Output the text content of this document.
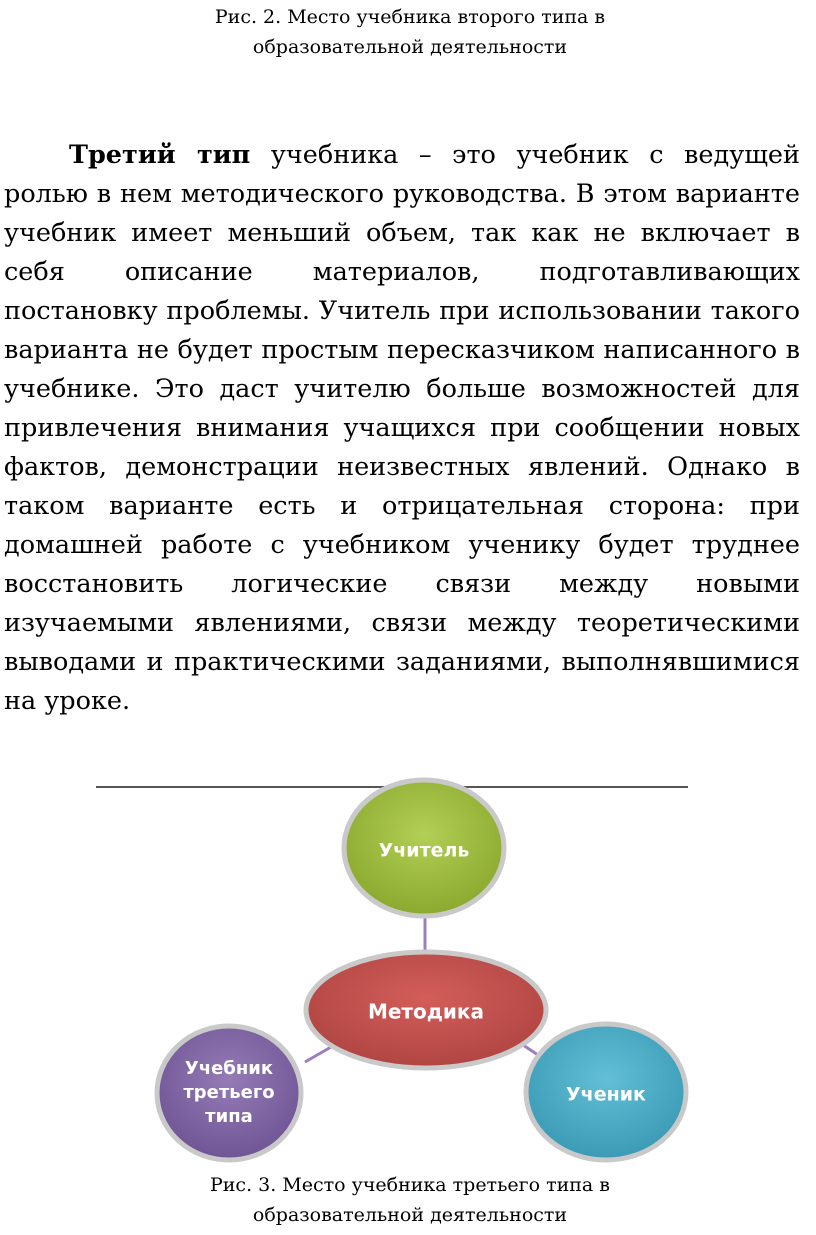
Рис. 2. Место учебника второго типа в
образовательной деятельности

Третий тип учебника – это учебник с ведущей ролью в нем методического руководства. В этом варианте учебник имеет меньший объем, так как не включает в себя описание материалов, подготавливающих постановку проблемы. Учитель при использовании такого варианта не будет простым пересказчиком написанного в учебнике. Это даст учителю больше возможностей для привлечения внимания учащихся при сообщении новых фактов, демонстрации неизвестных явлений. Однако в таком варианте есть и отрицательная сторона: при домашней работе с учебником ученику будет труднее восстановить логические связи между новыми изучаемыми явлениями, связи между теоретическими выводами и практическими заданиями, выполнявшимися на уроке.

Учитель
Методика
Учебник
третьего
типа
Ученик
Рис. 3. Место учебника третьего типа в
образовательной деятельности
